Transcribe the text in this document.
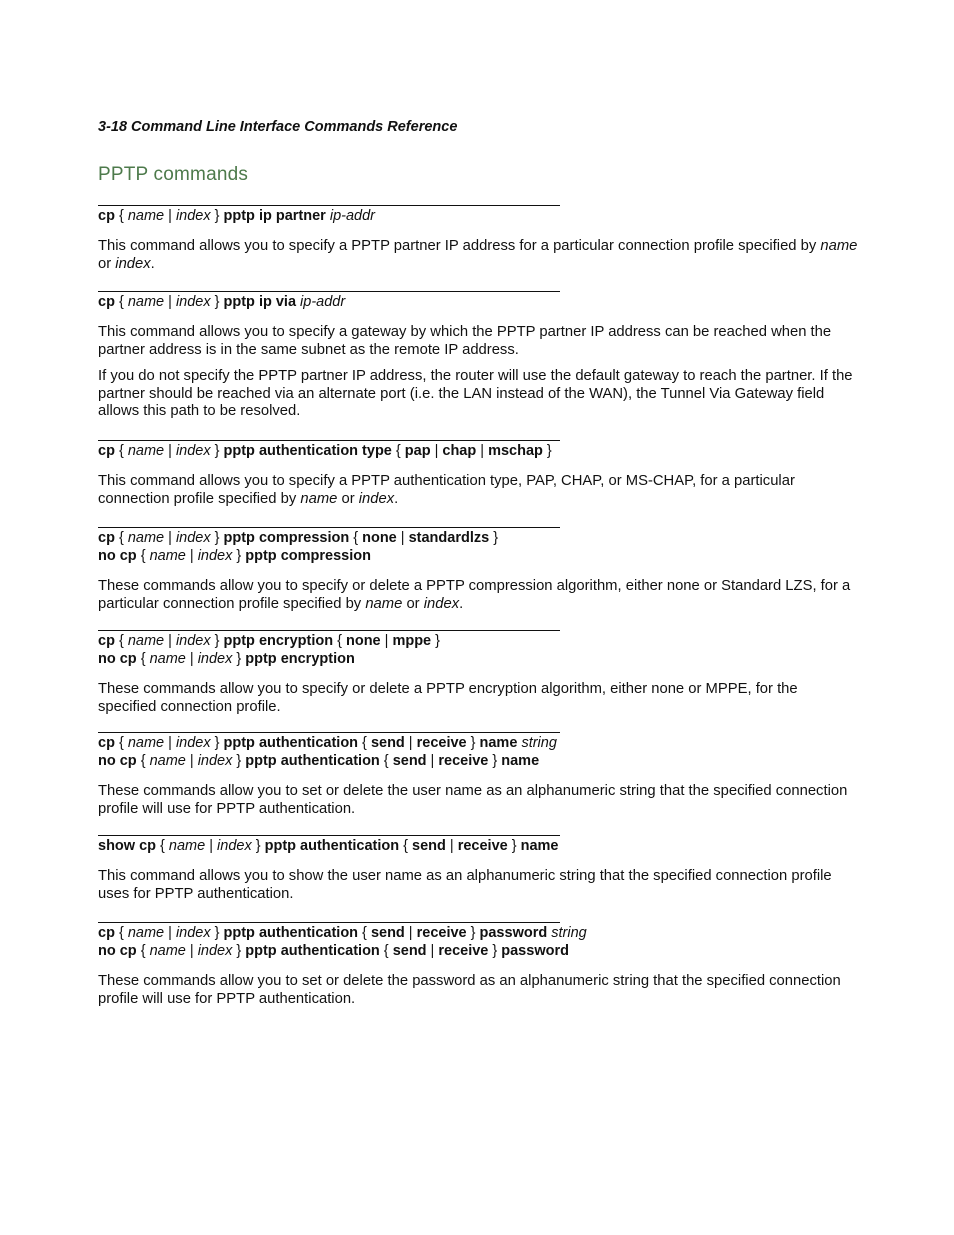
3-18 Command Line Interface Commands Reference
PPTP commands
cp { name | index } pptp ip partner ip-addr
This command allows you to specify a PPTP partner IP address for a particular connection profile specified by name or index.
cp { name | index } pptp ip via ip-addr
This command allows you to specify a gateway by which the PPTP partner IP address can be reached when the partner address is in the same subnet as the remote IP address.
If you do not specify the PPTP partner IP address, the router will use the default gateway to reach the partner. If the partner should be reached via an alternate port (i.e. the LAN instead of the WAN), the Tunnel Via Gateway field allows this path to be resolved.
cp { name | index } pptp authentication type { pap | chap | mschap }
This command allows you to specify a PPTP authentication type, PAP, CHAP, or MS-CHAP, for a particular connection profile specified by name or index.
cp { name | index } pptp compression { none | standardlzs }
no cp { name | index } pptp compression
These commands allow you to specify or delete a PPTP compression algorithm, either none or Standard LZS, for a particular connection profile specified by name or index.
cp { name | index } pptp encryption { none | mppe }
no cp { name | index } pptp encryption
These commands allow you to specify or delete a PPTP encryption algorithm, either none or MPPE, for the specified connection profile.
cp { name | index } pptp authentication { send | receive } name string
no cp { name | index } pptp authentication { send | receive } name
These commands allow you to set or delete the user name as an alphanumeric string that the specified connection profile will use for PPTP authentication.
show cp { name | index } pptp authentication { send | receive } name
This command allows you to show the user name as an alphanumeric string that the specified connection profile uses for PPTP authentication.
cp { name | index } pptp authentication { send | receive } password string
no cp { name | index } pptp authentication { send | receive } password
These commands allow you to set or delete the password as an alphanumeric string that the specified connection profile will use for PPTP authentication.
